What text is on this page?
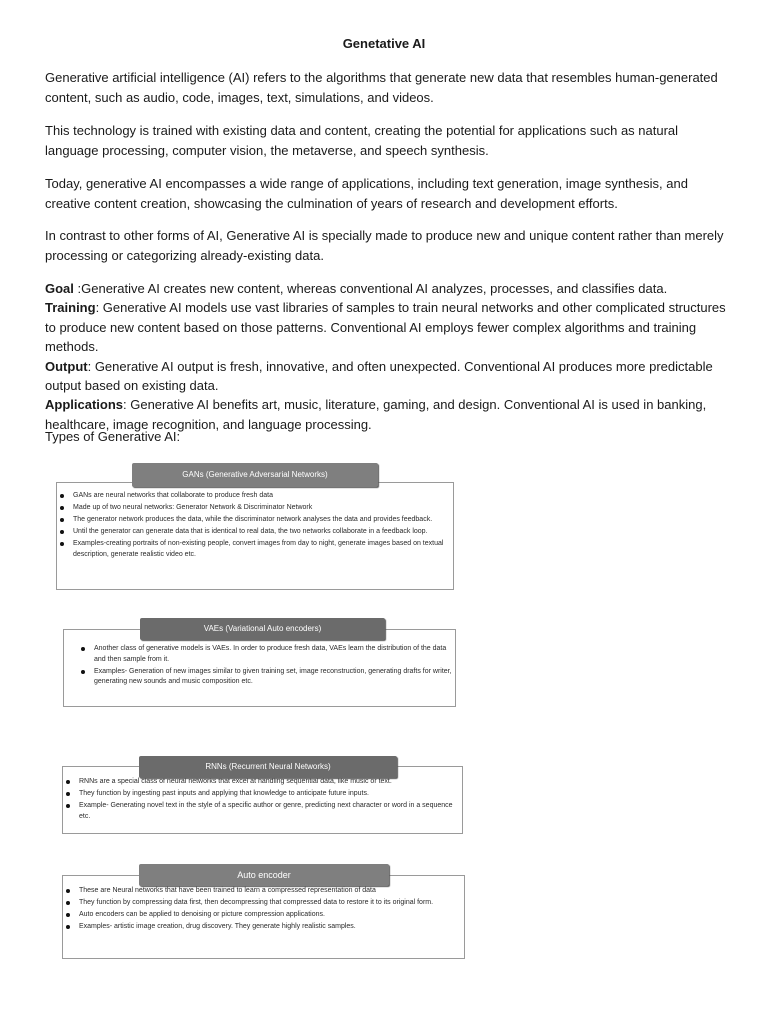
Genetative AI

Generative artificial intelligence (AI) refers to the algorithms that generate new data that resembles human-generated content, such as audio, code, images, text, simulations, and videos.

This technology is trained with existing data and content, creating the potential for applications such as natural language processing, computer vision, the metaverse, and speech synthesis.

Today, generative AI encompasses a wide range of applications, including text generation, image synthesis, and creative content creation, showcasing the culmination of years of research and development efforts.

In contrast to other forms of AI, Generative AI is specially made to produce new and unique content rather than merely processing or categorizing already-existing data.

Goal :Generative AI creates new content, whereas conventional AI analyzes, processes, and classifies data.
Training: Generative AI models use vast libraries of samples to train neural networks and other complicated structures to produce new content based on those patterns. Conventional AI employs fewer complex algorithms and training methods.
Output: Generative AI output is fresh, innovative, and often unexpected. Conventional AI produces more predictable output based on existing data.
Applications: Generative AI benefits art, music, literature, gaming, and design. Conventional AI is used in banking, healthcare, image recognition, and language processing.

Types of Generative AI:

GANs are neural networks that collaborate to produce fresh data
Made up of two neural networks: Generator Network & Discriminator Network
The generator network produces the data, while the discriminator network analyses the data and provides feedback.
Until the generator can generate data that is identical to real data, the two networks collaborate in a feedback loop.
Examples-creating portraits of non-existing people, convert images from day to night, generate images based on textual description, generate realistic video etc.
GANs (Generative Adversarial Networks)
Another class of generative models is VAEs. In order to produce fresh data, VAEs learn the distribution of the data and then sample from it.
Examples- Generation of new images similar to given training set, image reconstruction, generating drafts for writer, generating new sounds and music composition etc.
VAEs (Variational Auto encoders)
RNNs are a special class of neural networks that excel at handling sequential data, like music or text.
They function by ingesting past inputs and applying that knowledge to anticipate future inputs.
Example- Generating novel text in the style of a specific author or genre, predicting next character or word in a sequence etc.
RNNs (Recurrent Neural Networks)
These are Neural networks that have been trained to learn a compressed representation of data
They function by compressing data first, then decompressing that compressed data to restore it to its original form.
Auto encoders can be applied to denoising or picture compression applications.
Examples- artistic image creation, drug discovery. They generate highly realistic samples.
Auto encoder
